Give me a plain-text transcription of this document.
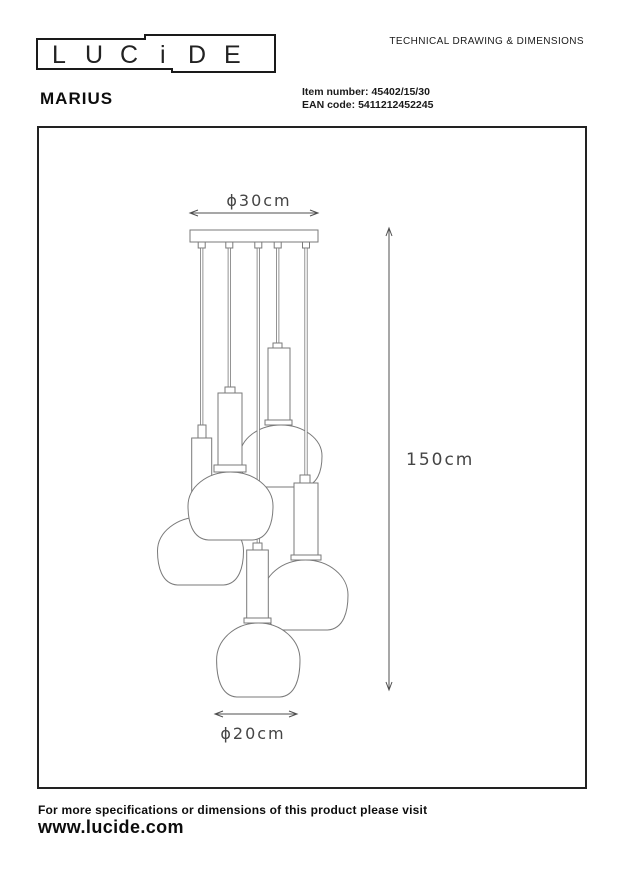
L U C i D E	TECHNICAL DRAWING & DIMENSIONS
MARIUS	Item number: 45402/15/30
EAN code: 5411212452245
ϕ30cm
150cm
ϕ20cm
For more specifications or dimensions of this product please visit
www.lucide.com
